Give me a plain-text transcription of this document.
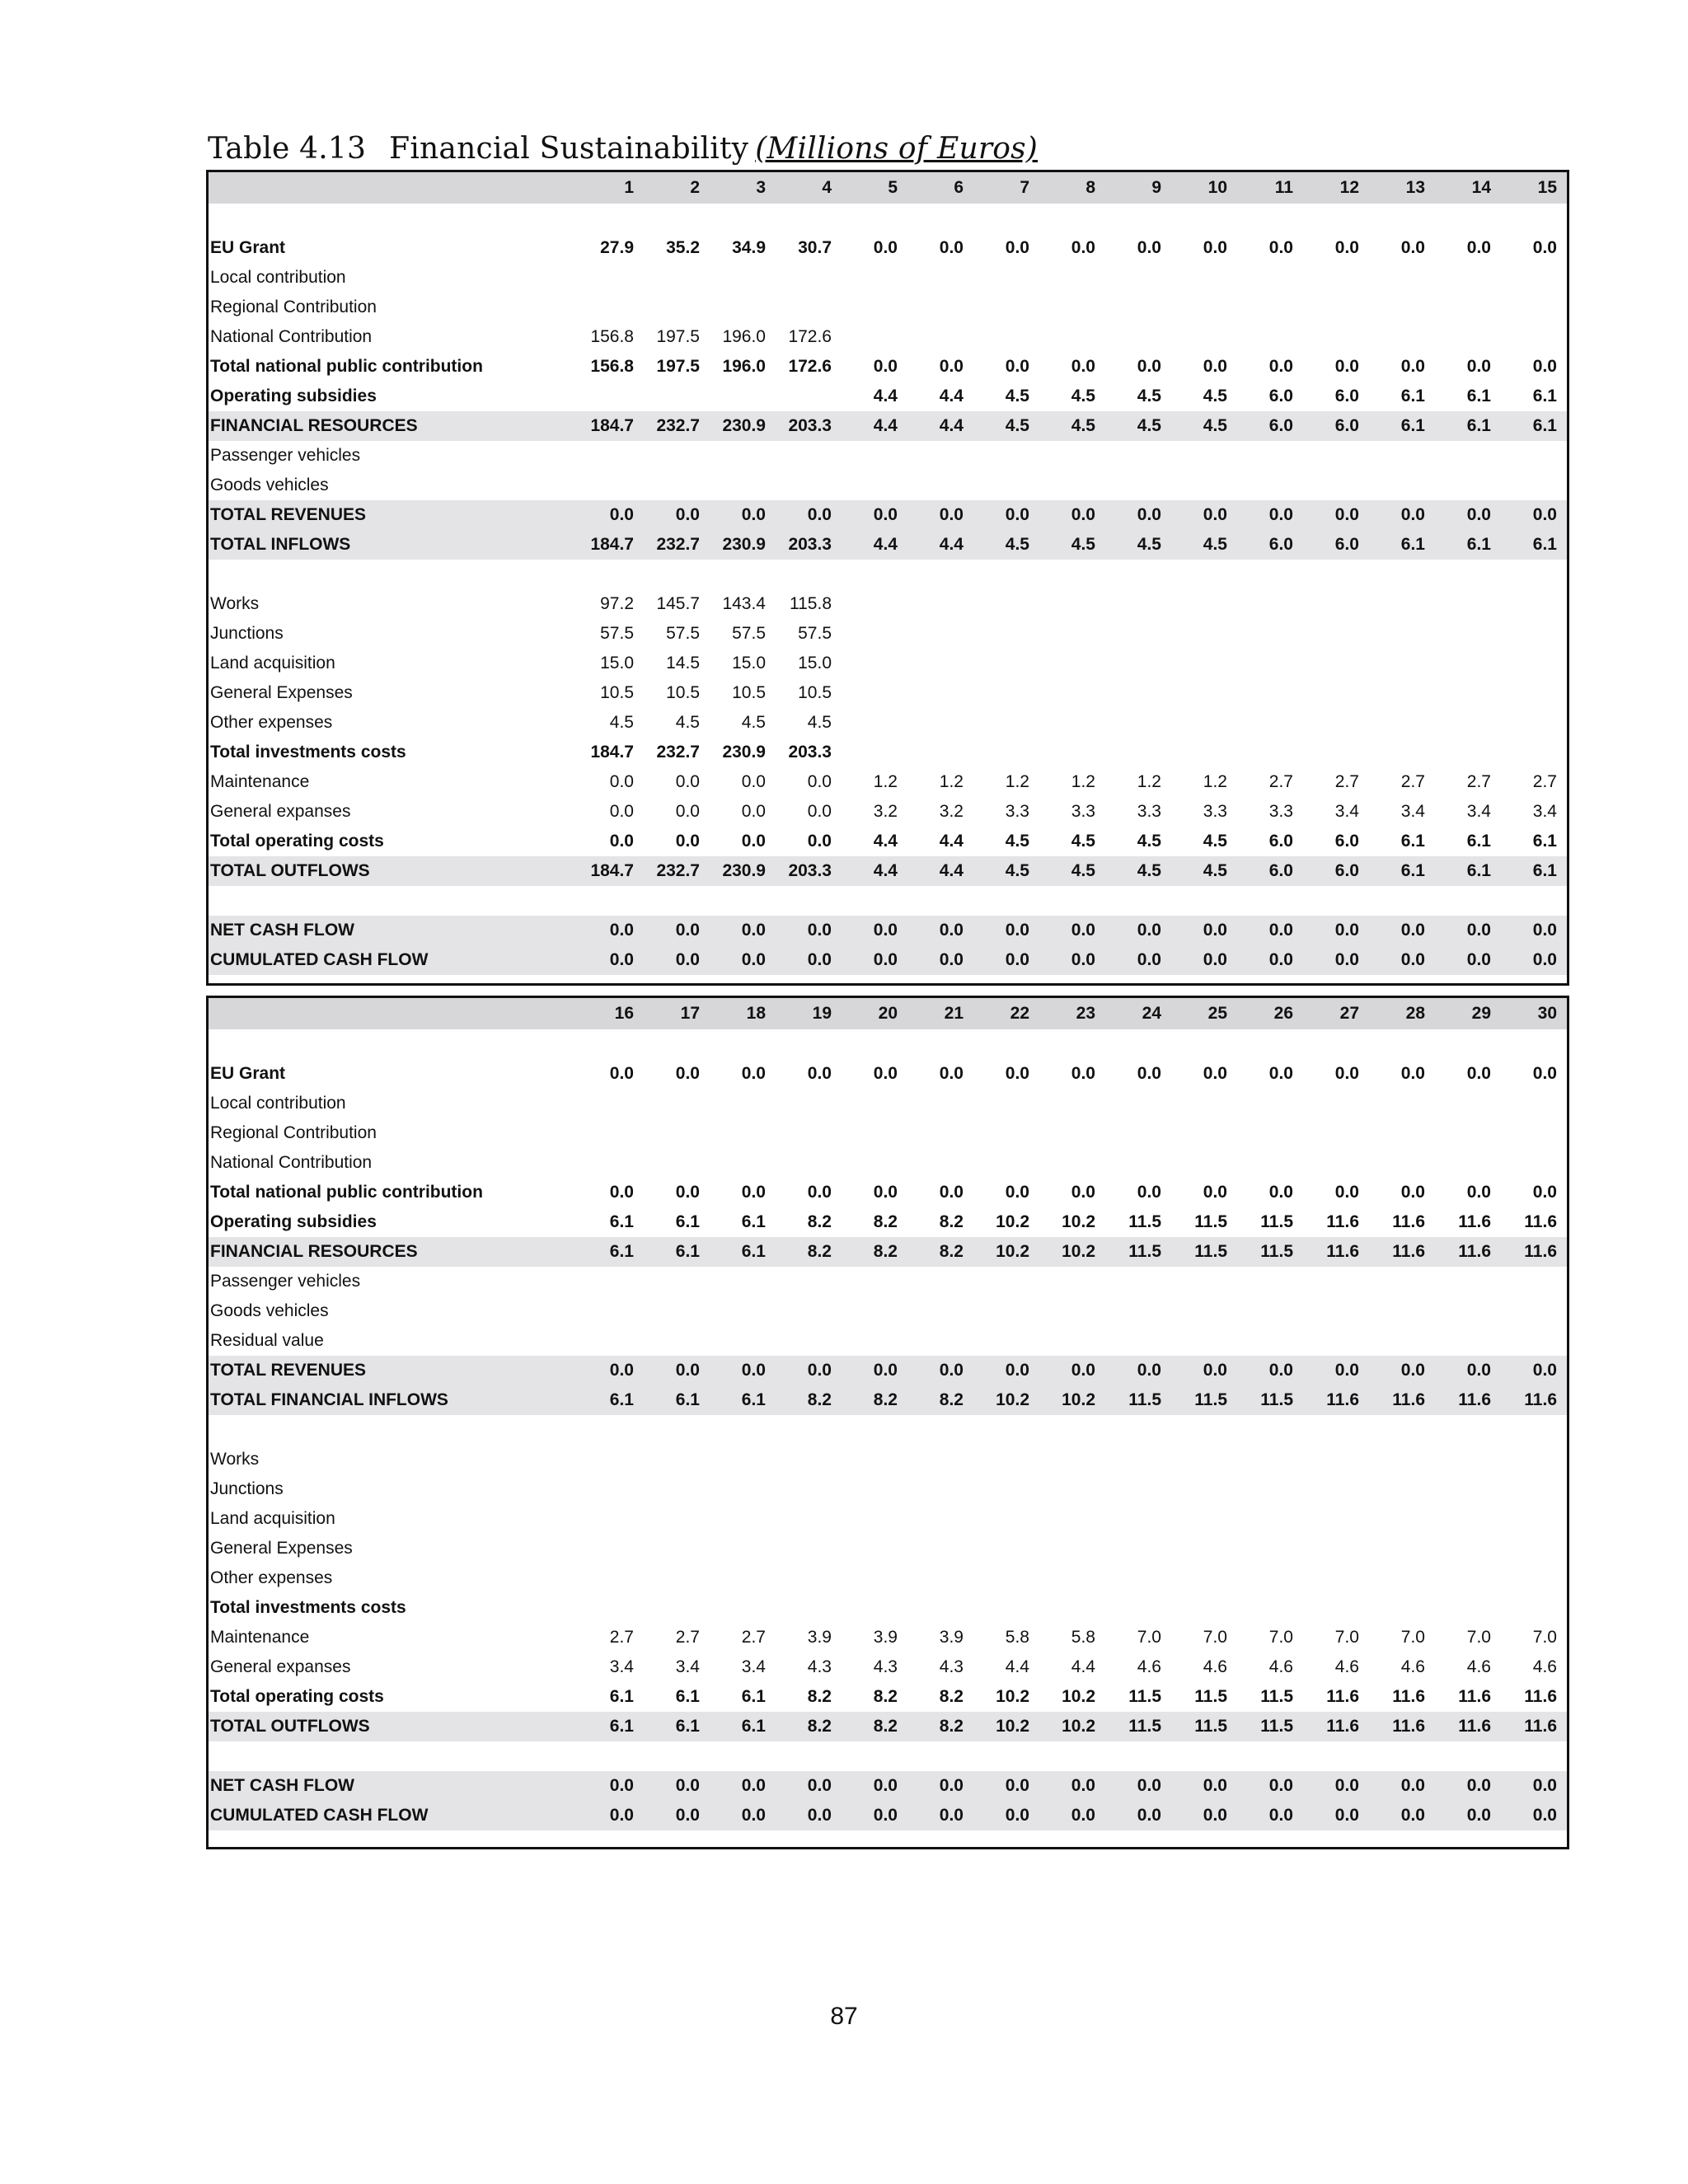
Table 4.13 Financial Sustainability (Millions of Euros)
	1	2	3	4	5	6	7	8	9	10	11	12	13	14	15

EU Grant	27.9	35.2	34.9	30.7	0.0	0.0	0.0	0.0	0.0	0.0	0.0	0.0	0.0	0.0	0.0
Local contribution															
Regional Contribution															
National Contribution	156.8	197.5	196.0	172.6											
Total national public contribution	156.8	197.5	196.0	172.6	0.0	0.0	0.0	0.0	0.0	0.0	0.0	0.0	0.0	0.0	0.0
Operating subsidies					4.4	4.4	4.5	4.5	4.5	4.5	6.0	6.0	6.1	6.1	6.1
FINANCIAL RESOURCES	184.7	232.7	230.9	203.3	4.4	4.4	4.5	4.5	4.5	4.5	6.0	6.0	6.1	6.1	6.1
Passenger vehicles															
Goods vehicles															
TOTAL REVENUES	0.0	0.0	0.0	0.0	0.0	0.0	0.0	0.0	0.0	0.0	0.0	0.0	0.0	0.0	0.0
TOTAL INFLOWS	184.7	232.7	230.9	203.3	4.4	4.4	4.5	4.5	4.5	4.5	6.0	6.0	6.1	6.1	6.1

Works	97.2	145.7	143.4	115.8											
Junctions	57.5	57.5	57.5	57.5											
Land acquisition	15.0	14.5	15.0	15.0											
General Expenses	10.5	10.5	10.5	10.5											
Other expenses	4.5	4.5	4.5	4.5											
Total investments costs	184.7	232.7	230.9	203.3											
Maintenance	0.0	0.0	0.0	0.0	1.2	1.2	1.2	1.2	1.2	1.2	2.7	2.7	2.7	2.7	2.7
General expanses	0.0	0.0	0.0	0.0	3.2	3.2	3.3	3.3	3.3	3.3	3.3	3.4	3.4	3.4	3.4
Total operating costs	0.0	0.0	0.0	0.0	4.4	4.4	4.5	4.5	4.5	4.5	6.0	6.0	6.1	6.1	6.1
TOTAL OUTFLOWS	184.7	232.7	230.9	203.3	4.4	4.4	4.5	4.5	4.5	4.5	6.0	6.0	6.1	6.1	6.1

NET CASH FLOW	0.0	0.0	0.0	0.0	0.0	0.0	0.0	0.0	0.0	0.0	0.0	0.0	0.0	0.0	0.0
CUMULATED CASH FLOW	0.0	0.0	0.0	0.0	0.0	0.0	0.0	0.0	0.0	0.0	0.0	0.0	0.0	0.0	0.0
	16	17	18	19	20	21	22	23	24	25	26	27	28	29	30

EU Grant	0.0	0.0	0.0	0.0	0.0	0.0	0.0	0.0	0.0	0.0	0.0	0.0	0.0	0.0	0.0
Local contribution															
Regional Contribution															
National Contribution															
Total national public contribution	0.0	0.0	0.0	0.0	0.0	0.0	0.0	0.0	0.0	0.0	0.0	0.0	0.0	0.0	0.0
Operating subsidies	6.1	6.1	6.1	8.2	8.2	8.2	10.2	10.2	11.5	11.5	11.5	11.6	11.6	11.6	11.6
FINANCIAL RESOURCES	6.1	6.1	6.1	8.2	8.2	8.2	10.2	10.2	11.5	11.5	11.5	11.6	11.6	11.6	11.6
Passenger vehicles															
Goods vehicles															
Residual value															
TOTAL REVENUES	0.0	0.0	0.0	0.0	0.0	0.0	0.0	0.0	0.0	0.0	0.0	0.0	0.0	0.0	0.0
TOTAL FINANCIAL INFLOWS	6.1	6.1	6.1	8.2	8.2	8.2	10.2	10.2	11.5	11.5	11.5	11.6	11.6	11.6	11.6

Works															
Junctions															
Land acquisition															
General Expenses															
Other expenses															
Total investments costs															
Maintenance	2.7	2.7	2.7	3.9	3.9	3.9	5.8	5.8	7.0	7.0	7.0	7.0	7.0	7.0	7.0
General expanses	3.4	3.4	3.4	4.3	4.3	4.3	4.4	4.4	4.6	4.6	4.6	4.6	4.6	4.6	4.6
Total operating costs	6.1	6.1	6.1	8.2	8.2	8.2	10.2	10.2	11.5	11.5	11.5	11.6	11.6	11.6	11.6
TOTAL OUTFLOWS	6.1	6.1	6.1	8.2	8.2	8.2	10.2	10.2	11.5	11.5	11.5	11.6	11.6	11.6	11.6

NET CASH FLOW	0.0	0.0	0.0	0.0	0.0	0.0	0.0	0.0	0.0	0.0	0.0	0.0	0.0	0.0	0.0
CUMULATED CASH FLOW	0.0	0.0	0.0	0.0	0.0	0.0	0.0	0.0	0.0	0.0	0.0	0.0	0.0	0.0	0.0
87
